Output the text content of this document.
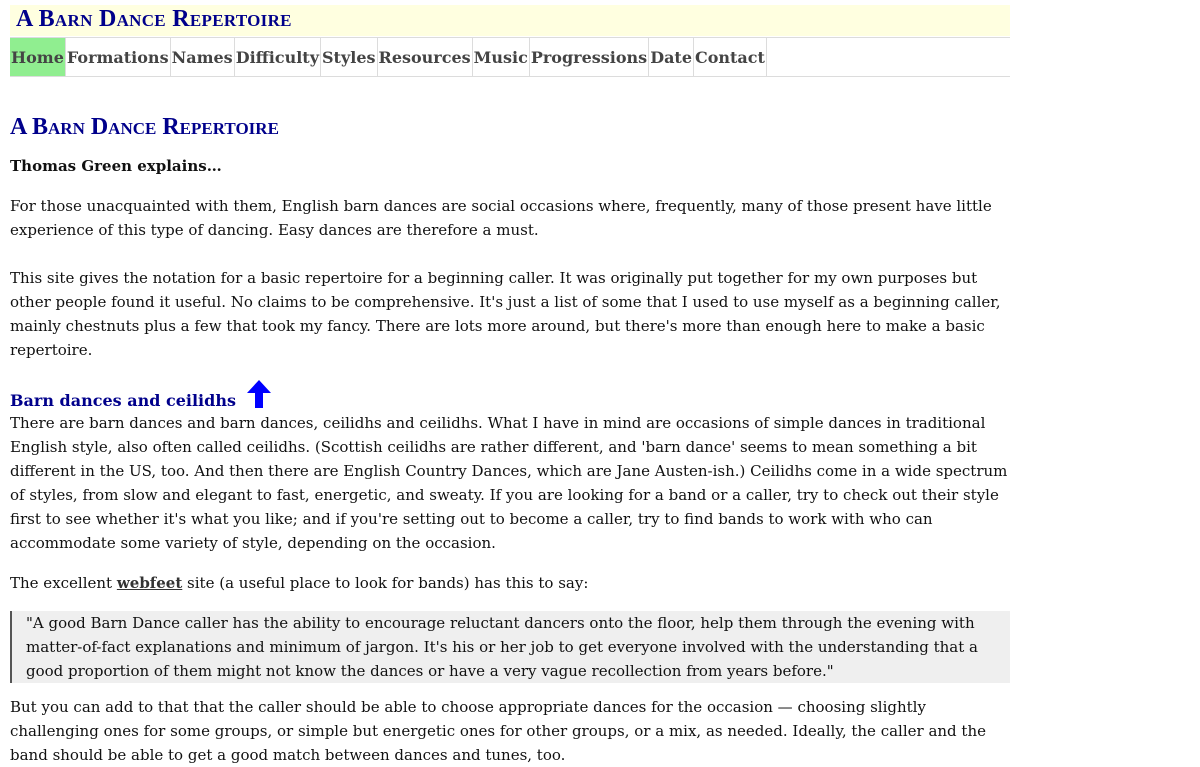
A Barn Dance Repertoire
Home Formations Names Difficulty Styles Resources Music Progressions Date Contact
A Barn Dance Repertoire

Thomas Green explains…

For those unacquainted with them, English barn dances are social occasions where, frequently, many of those present have little experience of this type of dancing. Easy dances are therefore a must.

This site gives the notation for a basic repertoire for a beginning caller. It was originally put together for my own purposes but other people found it useful. No claims to be comprehensive. It's just a list of some that I used to use myself as a beginning caller, mainly chestnuts plus a few that took my fancy. There are lots more around, but there's more than enough here to make a basic repertoire.

Barn dances and ceilidhs

There are barn dances and barn dances, ceilidhs and ceilidhs. What I have in mind are occasions of simple dances in traditional English style, also often called ceilidhs. (Scottish ceilidhs are rather different, and 'barn dance' seems to mean something a bit different in the US, too. And then there are English Country Dances, which are Jane Austen-ish.) Ceilidhs come in a wide spectrum of styles, from slow and elegant to fast, energetic, and sweaty. If you are looking for a band or a caller, try to check out their style first to see whether it's what you like; and if you're setting out to become a caller, try to find bands to work with who can accommodate some variety of style, depending on the occasion.

The excellent webfeet site (a useful place to look for bands) has this to say:

"A good Barn Dance caller has the ability to encourage reluctant dancers onto the floor, help them through the evening with matter-of-fact explanations and minimum of jargon. It's his or her job to get everyone involved with the understanding that a good proportion of them might not know the dances or have a very vague recollection from years before."

But you can add to that that the caller should be able to choose appropriate dances for the occasion — choosing slightly challenging ones for some groups, or simple but energetic ones for other groups, or a mix, as needed. Ideally, the caller and the band should be able to get a good match between dances and tunes, too.
